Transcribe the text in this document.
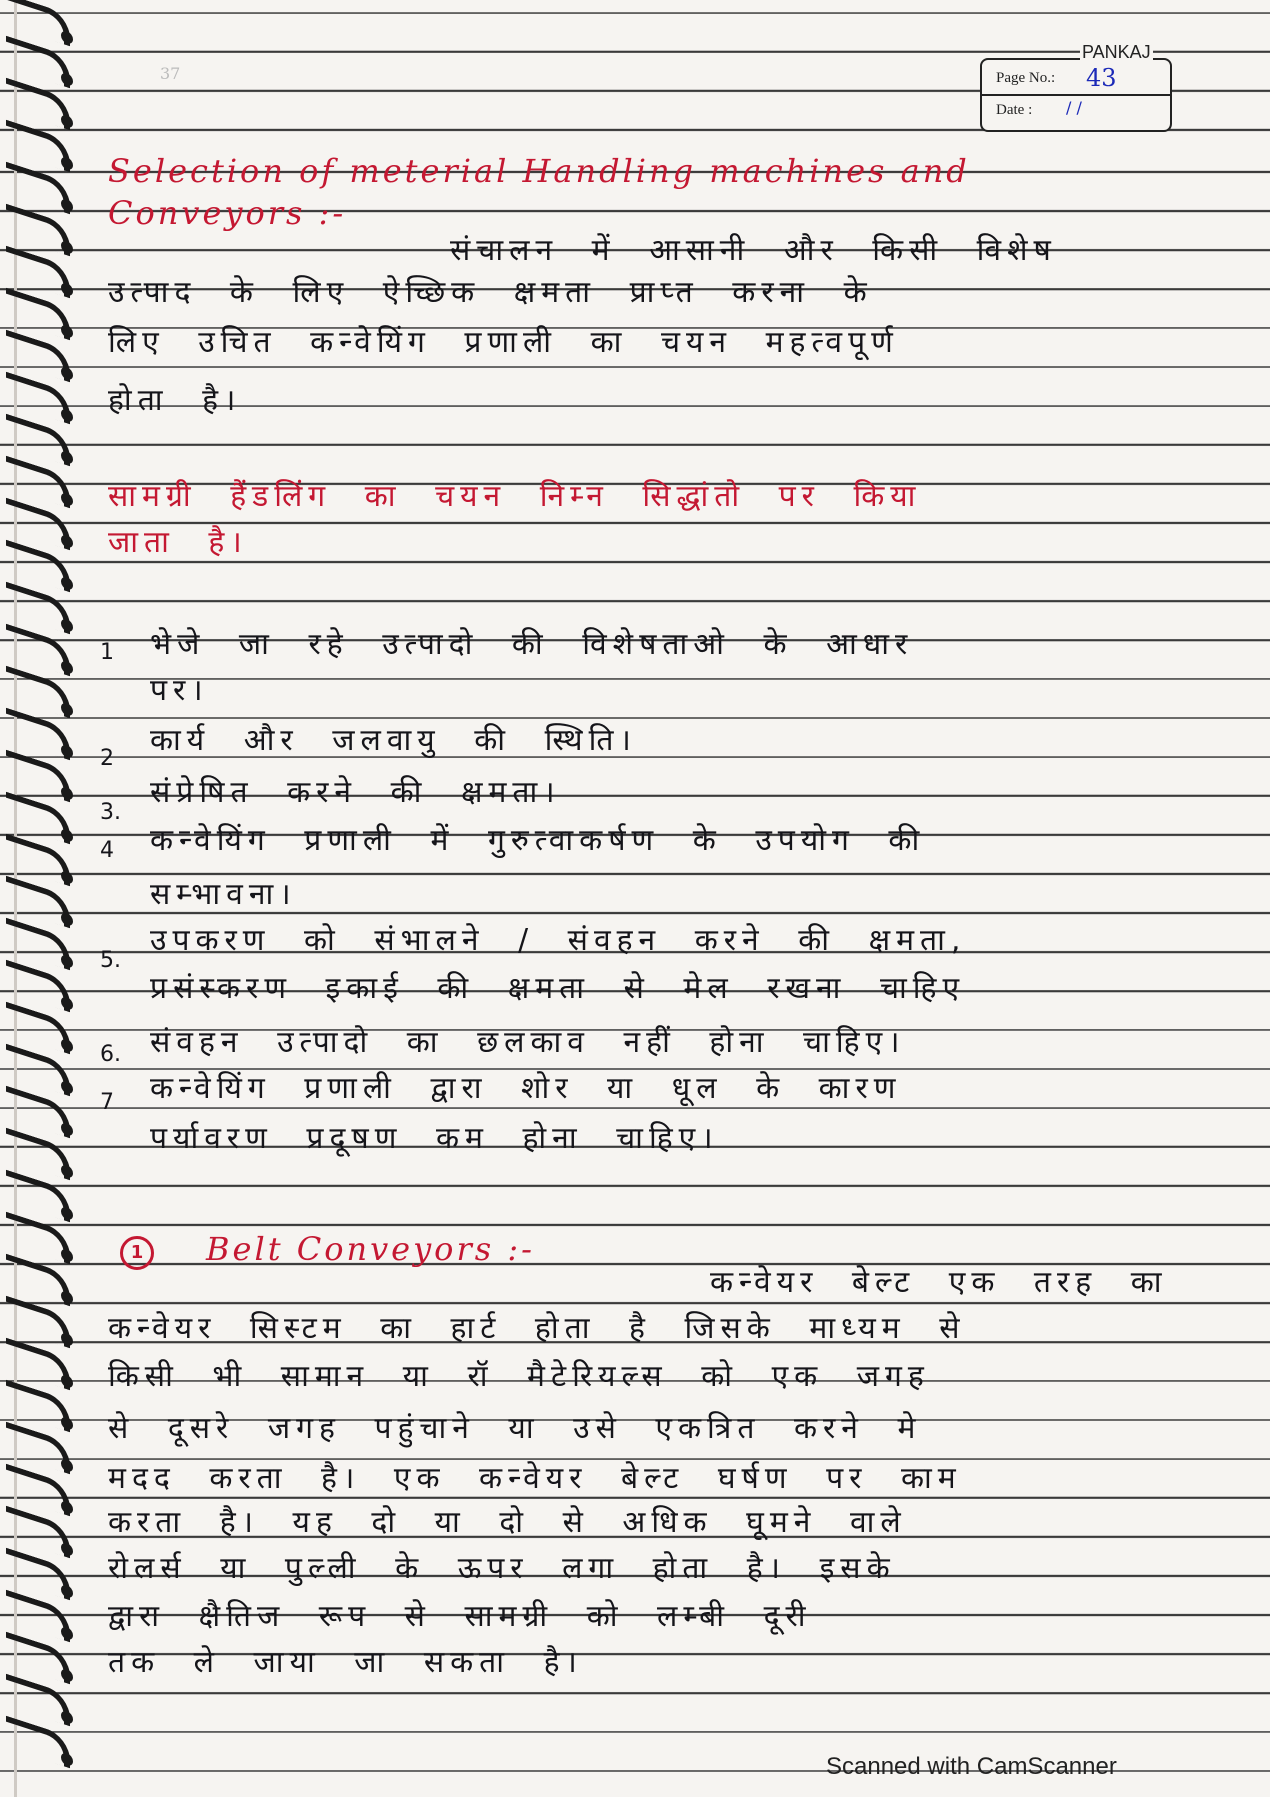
37	Page No.:
Date :
PANKAJ
43
/ /
Selection of meterial Handling machines and
Conveyors :-
संचालन में आसानी और किसी विशेष
उत्पाद के लिए ऐच्छिक क्षमता प्राप्त करना के
लिए उचित कन्वेयिंग प्रणाली का चयन महत्वपूर्ण
होता है।
सामग्री हैंडलिंग का चयन निम्न सिद्धांतो पर किया
जाता है।
1 भेजे जा रहे उत्पादो की विशेषताओ के आधार
पर।
2
कार्य और जलवायु की स्थिति।
3.
संप्रेषित करने की क्षमता।
4 कन्वेयिंग प्रणाली में गुरुत्वाकर्षण के उपयोग की
सम्भावना।
5.
उपकरण को संभालने / संवहन करने की क्षमता,
प्रसंस्करण इकाई की क्षमता से मेल रखना चाहिए
6. संवहन उत्पादो का छलकाव नहीं होना चाहिए।
7 कन्वेयिंग प्रणाली द्वारा शोर या धूल के कारण
पर्यावरण प्रदूषण कम होना चाहिए।
1	Belt Conveyors :-
कन्वेयर बेल्ट एक तरह का
कन्वेयर सिस्टम का हार्ट होता है जिसके माध्यम से
किसी भी सामान या रॉ मैटेरियल्स को एक जगह
से दूसरे जगह पहुंचाने या उसे एकत्रित करने मे
मदद करता है। एक कन्वेयर बेल्ट घर्षण पर काम
करता है। यह दो या दो से अधिक घूमने वाले
रोलर्स या पुल्ली के ऊपर लगा होता है। इसके
द्वारा क्षैतिज रूप से सामग्री को लम्बी दूरी
तक ले जाया जा सकता है।
Scanned with CamScanner
